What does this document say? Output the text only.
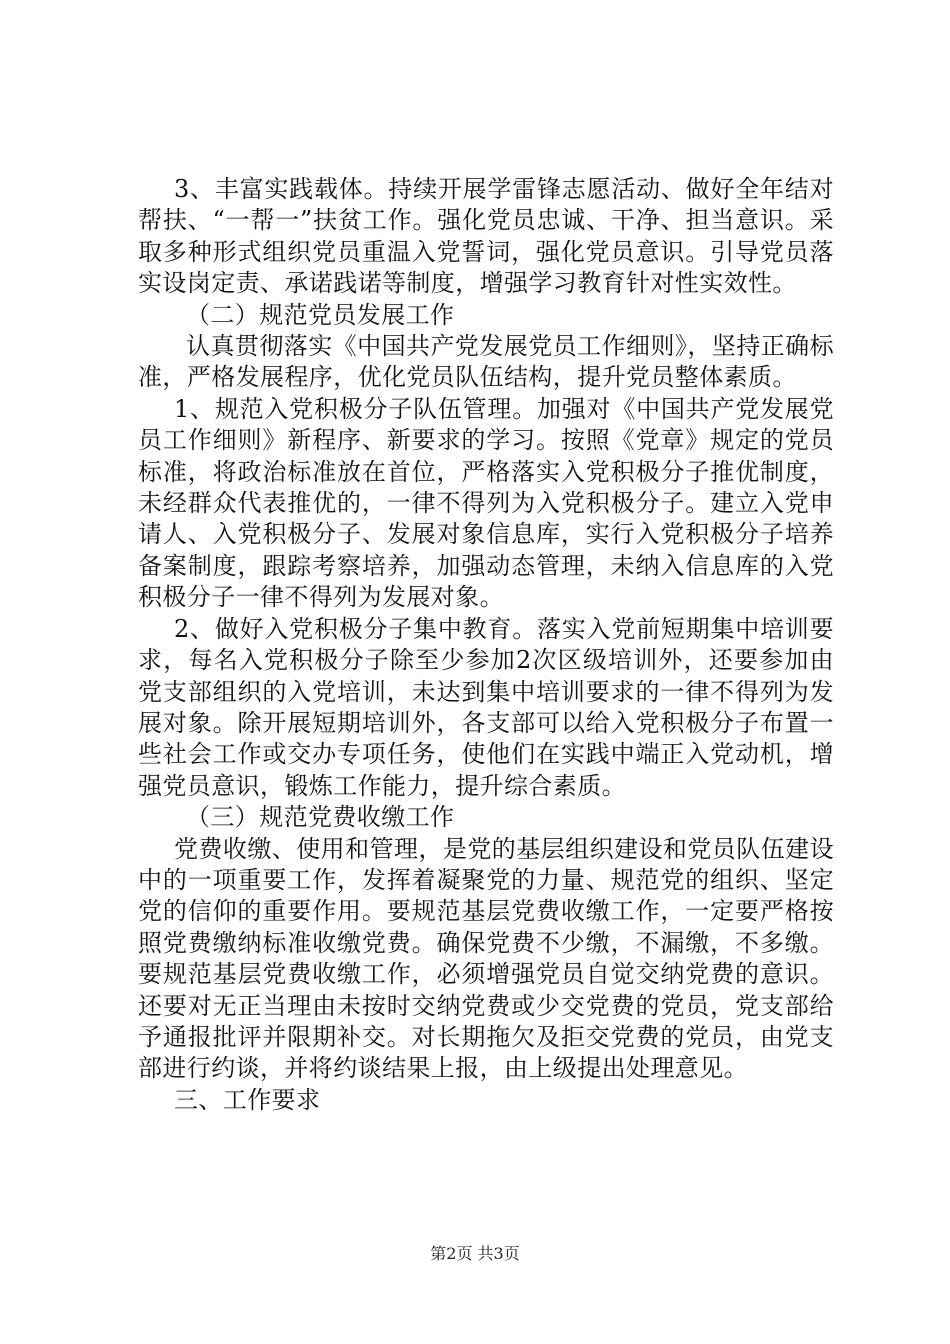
3、丰富实践载体。持续开展学雷锋志愿活动、做好全年结对帮扶、“一帮一”扶贫工作。强化党员忠诚、干净、担当意识。采取多种形式组织党员重温入党誓词，强化党员意识。引导党员落实设岗定责、承诺践诺等制度，增强学习教育针对性实效性。

（二）规范党员发展工作

认真贯彻落实《中国共产党发展党员工作细则》，坚持正确标准，严格发展程序，优化党员队伍结构，提升党员整体素质。

1、规范入党积极分子队伍管理。加强对《中国共产党发展党员工作细则》新程序、新要求的学习。按照《党章》规定的党员标准，将政治标准放在首位，严格落实入党积极分子推优制度，未经群众代表推优的，一律不得列为入党积极分子。建立入党申请人、入党积极分子、发展对象信息库，实行入党积极分子培养备案制度，跟踪考察培养，加强动态管理，未纳入信息库的入党积极分子一律不得列为发展对象。

2、做好入党积极分子集中教育。落实入党前短期集中培训要求，每名入党积极分子除至少参加2次区级培训外，还要参加由党支部组织的入党培训，未达到集中培训要求的一律不得列为发展对象。除开展短期培训外，各支部可以给入党积极分子布置一些社会工作或交办专项任务，使他们在实践中端正入党动机，增强党员意识，锻炼工作能力，提升综合素质。

（三）规范党费收缴工作

党费收缴、使用和管理，是党的基层组织建设和党员队伍建设中的一项重要工作，发挥着凝聚党的力量、规范党的组织、坚定党的信仰的重要作用。要规范基层党费收缴工作，一定要严格按照党费缴纳标准收缴党费。确保党费不少缴，不漏缴，不多缴。要规范基层党费收缴工作，必须增强党员自觉交纳党费的意识。还要对无正当理由未按时交纳党费或少交党费的党员，党支部给予通报批评并限期补交。对长期拖欠及拒交党费的党员，由党支部进行约谈，并将约谈结果上报，由上级提出处理意见。

三、工作要求

第2页 共3页
